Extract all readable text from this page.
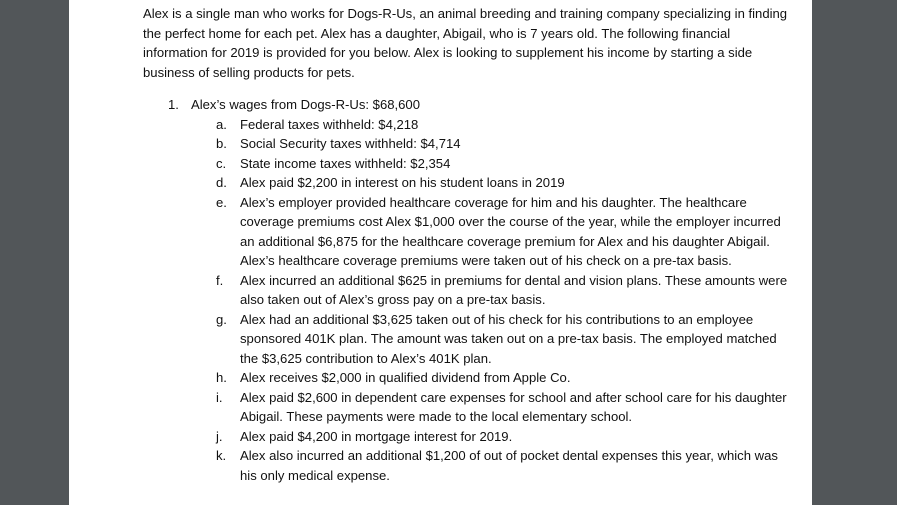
Alex is a single man who works for Dogs-R-Us, an animal breeding and training company specializing in finding the perfect home for each pet. Alex has a daughter, Abigail, who is 7 years old. The following financial information for 2019 is provided for you below. Alex is looking to supplement his income by starting a side business of selling products for pets.

1. Alex’s wages from Dogs-R-Us: $68,600
a. Federal taxes withheld: $4,218
b. Social Security taxes withheld: $4,714
c. State income taxes withheld: $2,354
d. Alex paid $2,200 in interest on his student loans in 2019
e. Alex’s employer provided healthcare coverage for him and his daughter. The healthcare coverage premiums cost Alex $1,000 over the course of the year, while the employer incurred an additional $6,875 for the healthcare coverage premium for Alex and his daughter Abigail. Alex’s healthcare coverage premiums were taken out of his check on a pre-tax basis.
f. Alex incurred an additional $625 in premiums for dental and vision plans. These amounts were also taken out of Alex’s gross pay on a pre-tax basis.
g. Alex had an additional $3,625 taken out of his check for his contributions to an employee sponsored 401K plan. The amount was taken out on a pre-tax basis. The employed matched the $3,625 contribution to Alex’s 401K plan.
h. Alex receives $2,000 in qualified dividend from Apple Co.
i. Alex paid $2,600 in dependent care expenses for school and after school care for his daughter Abigail. These payments were made to the local elementary school.
j. Alex paid $4,200 in mortgage interest for 2019.
k. Alex also incurred an additional $1,200 of out of pocket dental expenses this year, which was his only medical expense.
